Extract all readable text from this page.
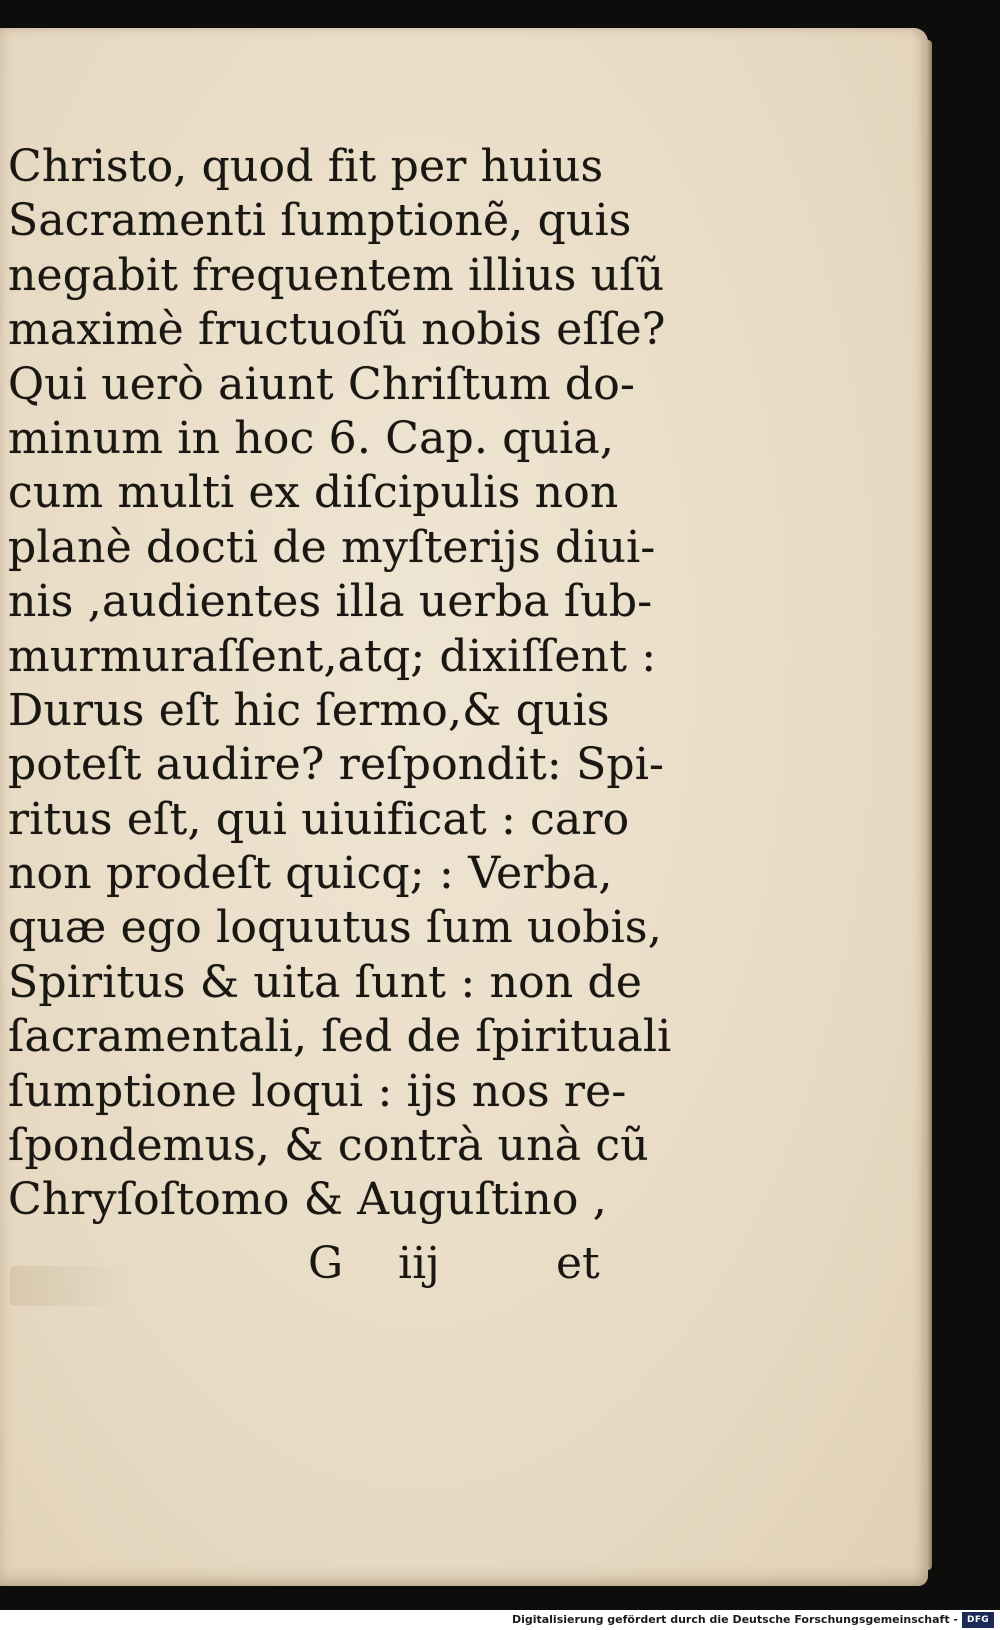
Christo, quod fit per huius
Sacramenti ſumptionẽ, quis
negabit frequentem illius uſũ
maximè fructuoſũ nobis eſſe?
Qui uerò aiunt Chriſtum do-
minum in hoc 6. Cap. quia,
cum multi ex diſcipulis non
planè docti de myſterijs diui-
nis ,audientes illa uerba ſub-
murmuraſſent,atq; dixiſſent :
Durus eſt hic ſermo,& quis
poteſt audire? reſpondit: Spi-
ritus eſt, qui uiuificat : caro
non prodeſt quicq; : Verba,
quæ ego loquutus ſum uobis,
Spiritus & uita ſunt : non de
ſacramentali, ſed de ſpirituali
ſumptione loqui : ijs nos re-
ſpondemus, & contrà unà cũ
Chryſoſtomo & Auguſtino ,
G iij	et
Digitalisierung gefördert durch die Deutsche Forschungsgemeinschaft -	DFG
